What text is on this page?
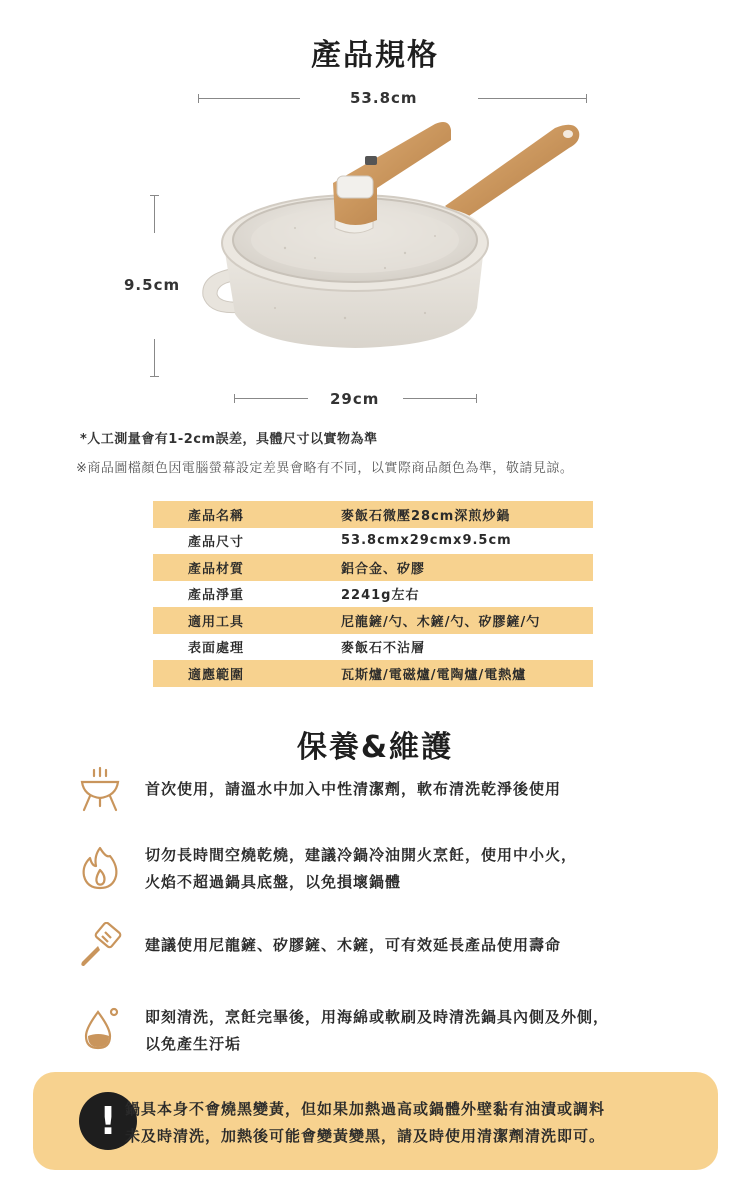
產品規格
53.8cm
9.5cm
29cm
*人工測量會有1-2cm誤差，具體尺寸以實物為準
※商品圖檔顏色因電腦螢幕設定差異會略有不同，以實際商品顏色為準，敬請見諒。
產品名稱	麥飯石微壓28cm深煎炒鍋
產品尺寸	53.8cmx29cmx9.5cm
產品材質	鋁合金、矽膠
產品淨重	2241g左右
適用工具	尼龍鏟/勺、木鏟/勺、矽膠鏟/勺
表面處理	麥飯石不沾層
適應範圍	瓦斯爐/電磁爐/電陶爐/電熱爐
保養&維護
首次使用，請溫水中加入中性清潔劑，軟布清洗乾淨後使用
切勿長時間空燒乾燒，建議冷鍋冷油開火烹飪，使用中小火，
火焰不超過鍋具底盤，以免損壞鍋體
建議使用尼龍鏟、矽膠鏟、木鏟，可有效延長產品使用壽命
即刻清洗，烹飪完畢後，用海綿或軟刷及時清洗鍋具內側及外側，
以免產生汙垢
! 鍋具本身不會燒黑變黃，但如果加熱過高或鍋體外壁黏有油漬或調料
未及時清洗，加熱後可能會變黃變黑，請及時使用清潔劑清洗即可。
